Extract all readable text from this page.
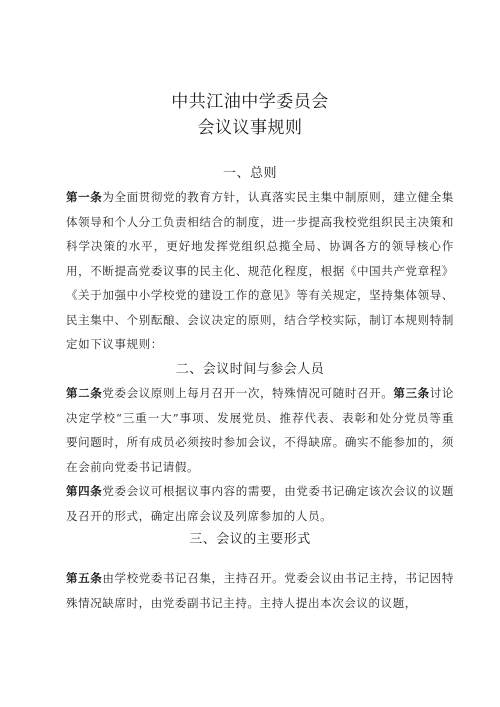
中共江油中学委员会
会议议事规则
一、总则
第一条为全面贯彻党的教育方针，认真落实民主集中制原则，建立健全集体领导和个人分工负责相结合的制度，进一步提高我校党组织民主决策和科学决策的水平，更好地发挥党组织总揽全局、协调各方的领导核心作用，不断提高党委议事的民主化、规范化程度，根据《中国共产党章程》《关于加强中小学校党的建设工作的意见》等有关规定，坚持集体领导、民主集中、个别酝酿、会议决定的原则，结合学校实际，制订本规则特制定如下议事规则：
二、会议时间与参会人员
第二条党委会议原则上每月召开一次，特殊情况可随时召开。第三条讨论决定学校“三重一大”事项、发展党员、推荐代表、表彰和处分党员等重要问题时，所有成员必须按时参加会议，不得缺席。确实不能参加的，须在会前向党委书记请假。
第四条党委会议可根据议事内容的需要，由党委书记确定该次会议的议题及召开的形式，确定出席会议及列席参加的人员。
三、会议的主要形式
第五条由学校党委书记召集，主持召开。党委会议由书记主持，书记因特殊情况缺席时，由党委副书记主持。主持人提出本次会议的议题，
